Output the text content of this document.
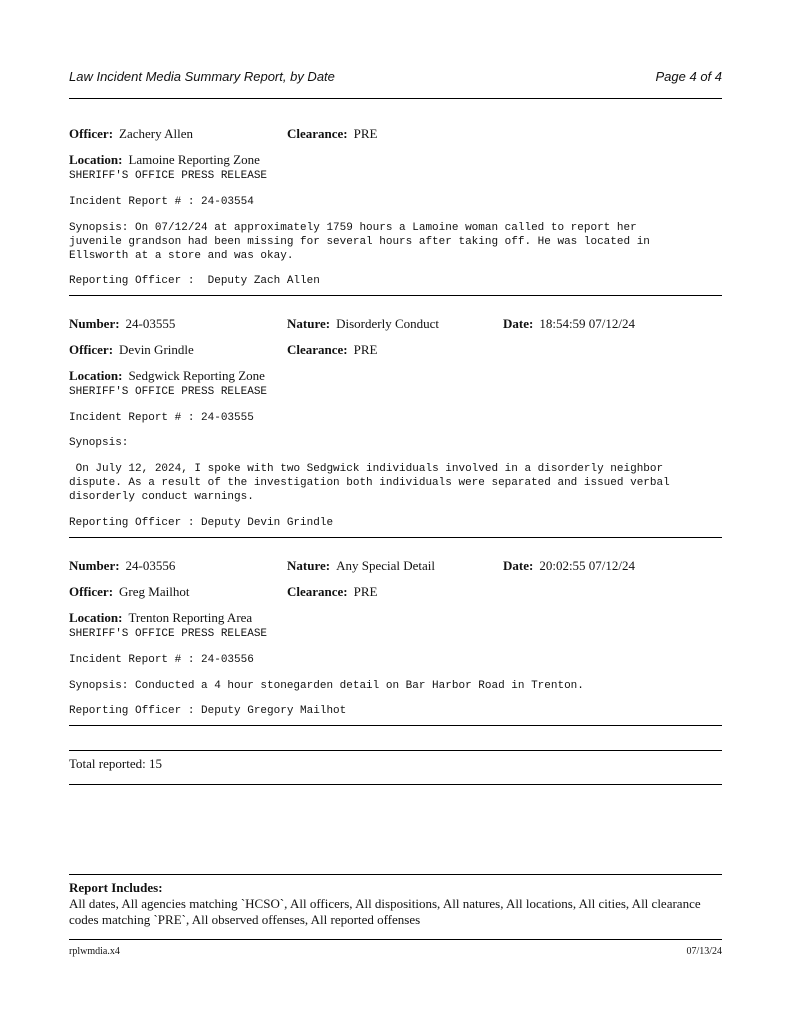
Law Incident Media Summary Report, by Date	Page 4 of 4
Officer: Zachery Allen	Clearance: PRE
Location: Lamoine Reporting Zone
SHERIFF'S OFFICE PRESS RELEASE
Incident Report # : 24-03554
Synopsis: On 07/12/24 at approximately 1759 hours a Lamoine woman called to report her
juvenile grandson had been missing for several hours after taking off. He was located in
Ellsworth at a store and was okay.
Reporting Officer :  Deputy Zach Allen
Number: 24-03555	Nature: Disorderly Conduct	Date: 18:54:59 07/12/24
Officer: Devin Grindle	Clearance: PRE
Location: Sedgwick Reporting Zone
SHERIFF'S OFFICE PRESS RELEASE
Incident Report # : 24-03555
Synopsis:
On July 12, 2024, I spoke with two Sedgwick individuals involved in a disorderly neighbor
dispute. As a result of the investigation both individuals were separated and issued verbal
disorderly conduct warnings.
Reporting Officer : Deputy Devin Grindle
Number: 24-03556	Nature: Any Special Detail	Date: 20:02:55 07/12/24
Officer: Greg Mailhot	Clearance: PRE
Location: Trenton Reporting Area
SHERIFF'S OFFICE PRESS RELEASE
Incident Report # : 24-03556
Synopsis: Conducted a 4 hour stonegarden detail on Bar Harbor Road in Trenton.
Reporting Officer : Deputy Gregory Mailhot
Total reported: 15
Report Includes:
All dates, All agencies matching `HCSO`, All officers, All dispositions, All natures, All locations, All cities, All clearance codes matching `PRE`, All observed offenses, All reported offenses
rplwmdia.x4	07/13/24
